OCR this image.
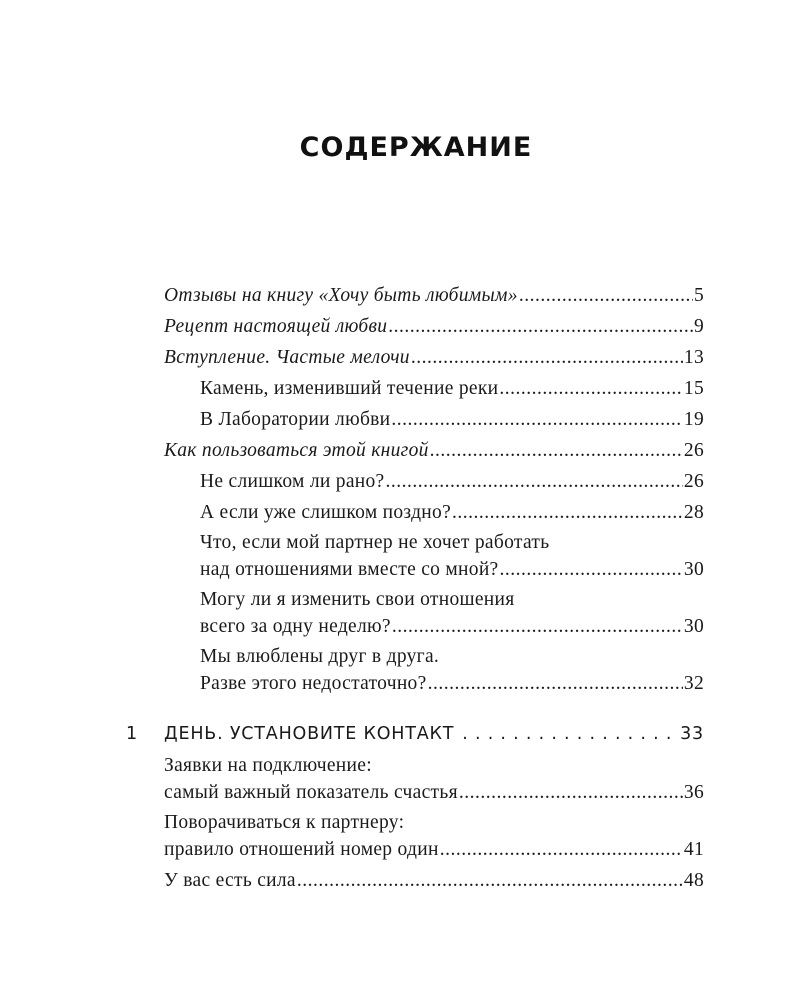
СОДЕРЖАНИЕ
Отзывы на книгу «Хочу быть любимым» .....	5
Рецепт настоящей любви .....	9
Вступление. Частые мелочи .....	13
Камень, изменивший течение реки .....	15
В Лаборатории любви .....	19
Как пользоваться этой книгой .....	26
Не слишком ли рано? .....	26
А если уже слишком поздно? .....	28
Что, если мой партнер не хочет работать
над отношениями вместе со мной? .....	30
Могу ли я изменить свои отношения
всего за одну неделю? .....	30
Мы влюблены друг в друга.
Разве этого недостаточно? .....	32
1 ДЕНЬ. УСТАНОВИТЕ КОНТАКТ . . .	33
Заявки на подключение:
самый важный показатель счастья .....	36
Поворачиваться к партнеру:
правило отношений номер один .....	41
У вас есть сила .....	48
